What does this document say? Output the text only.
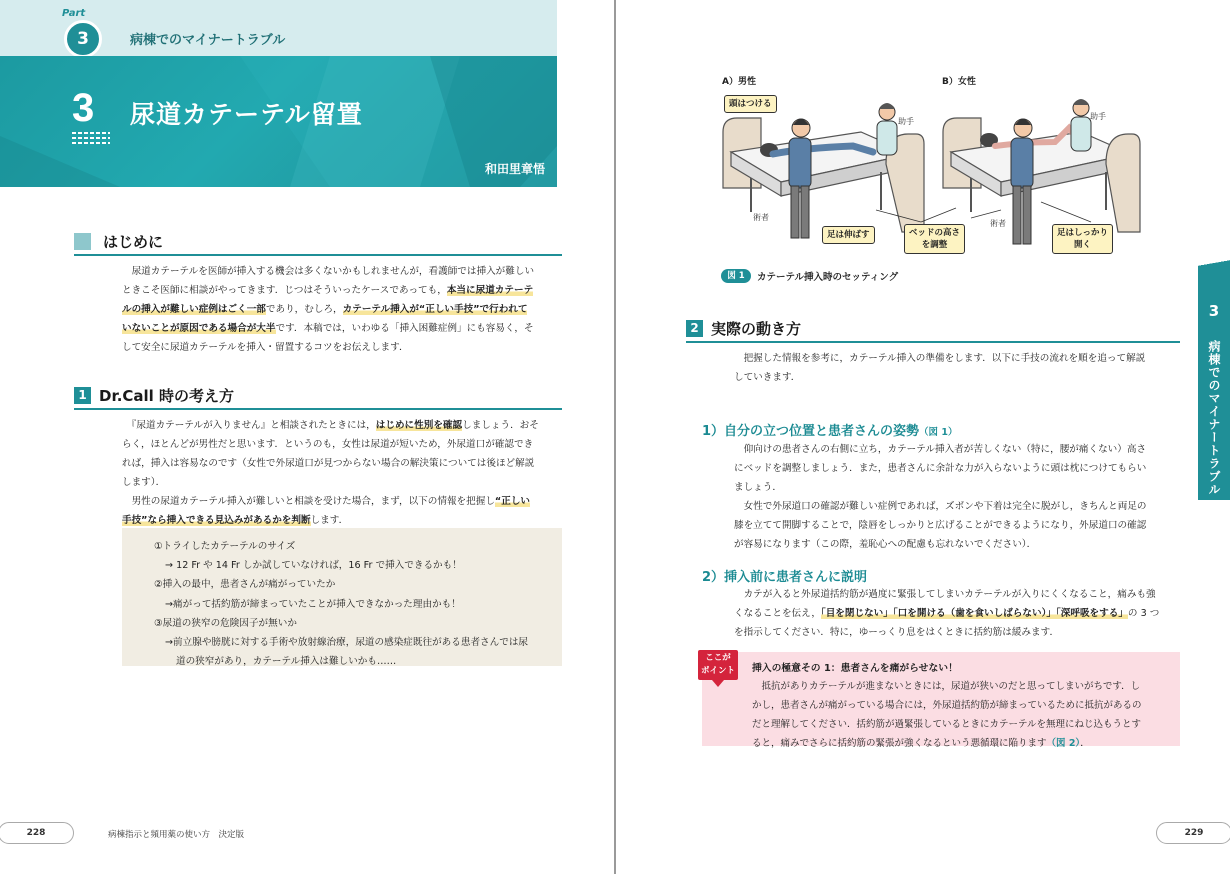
Part
3	病棟でのマイナートラブル
3 尿道カテーテル留置
和田里章悟
はじめに
　尿道カテーテルを医師が挿入する機会は多くないかもしれませんが，看護師では挿入が難しい
ときこそ医師に相談がやってきます．じつはそういったケースであっても，本当に尿道カテーテ
ルの挿入が難しい症例はごく一部であり，むしろ，カテーテル挿入が“正しい手技”で行われて
いないことが原因である場合が大半です．本稿では，いわゆる「挿入困難症例」にも容易く，そ
して安全に尿道カテーテルを挿入・留置するコツをお伝えします．
1 Dr.Call 時の考え方
　『尿道カテーテルが入りません』と相談されたときには，はじめに性別を確認しましょう．おそ
らく，ほとんどが男性だと思います．というのも，女性は尿道が短いため，外尿道口が確認でき
れば，挿入は容易なのです（女性で外尿道口が見つからない場合の解決策については後ほど解説
します）．
　男性の尿道カテーテル挿入が難しいと相談を受けた場合，まず，以下の情報を把握し“正しい
手技”なら挿入できる見込みがあるかを判断します．
①トライしたカテーテルのサイズ
→ 12 Fr や 14 Fr しか試していなければ，16 Fr で挿入できるかも！
②挿入の最中，患者さんが痛がっていたか
→痛がって括約筋が締まっていたことが挿入できなかった理由かも！
③尿道の狭窄の危険因子が無いか
→前立腺や膀胱に対する手術や放射線治療，尿道の感染症既往がある患者さんでは尿
道の狭窄があり，カテーテル挿入は難しいかも……
228	病棟指示と頻用薬の使い方　決定版
3
病棟でのマイナートラブル
A）男性	B）女性
頭はつける
足は伸ばす	ベッドの高さ
を調整
足はしっかり
開く
助手
助手
術者
術者
図 1	カテーテル挿入時のセッティング
2 実際の動き方
　把握した情報を参考に，カテーテル挿入の準備をします．以下に手技の流れを順を追って解説
していきます．
1）自分の立つ位置と患者さんの姿勢（図 1）
　仰向けの患者さんの右側に立ち，カテーテル挿入者が苦しくない（特に，腰が痛くない）高さ
にベッドを調整しましょう．また，患者さんに余計な力が入らないように頭は枕につけてもらい
ましょう．
　女性で外尿道口の確認が難しい症例であれば，ズボンや下着は完全に脱がし，きちんと両足の
膝を立てて開脚することで，陰唇をしっかりと広げることができるようになり，外尿道口の確認
が容易になります（この際，羞恥心への配慮も忘れないでください）．
2）挿入前に患者さんに説明
　カテが入ると外尿道括約筋が過度に緊張してしまいカテーテルが入りにくくなること，痛みも強
くなることを伝え，「目を閉じない」「口を開ける（歯を食いしばらない）」「深呼吸をする」の 3 つ
を指示してください．特に，ゆーっくり息をはくときに括約筋は緩みます．
挿入の極意その 1：患者さんを痛がらせない！
　抵抗がありカテーテルが進まないときには，尿道が狭いのだと思ってしまいがちです．し
かし，患者さんが痛がっている場合には，外尿道括約筋が締まっているために抵抗があるの
だと理解してください．括約筋が過緊張しているときにカテーテルを無理にねじ込もうとす
ると，痛みでさらに括約筋の緊張が強くなるという悪循環に陥ります（図 2）．
ここが
ポイント
229
